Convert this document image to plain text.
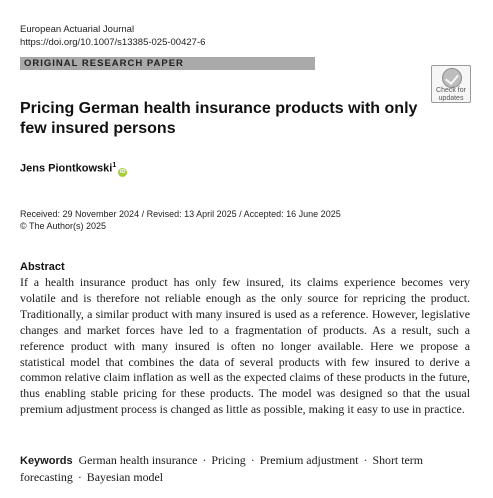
European Actuarial Journal
https://doi.org/10.1007/s13385-025-00427-6
ORIGINAL RESEARCH PAPER
Check for
updates
Pricing German health insurance products with only few insured persons
Jens Piontkowski$^1$iD
Received: 29 November 2024 / Revised: 13 April 2025 / Accepted: 16 June 2025
© The Author(s) 2025
Abstract
If a health insurance product has only few insured, its claims experience becomes very volatile and is therefore not reliable enough as the only source for repricing the product. Traditionally, a similar product with many insured is used as a reference. However, legislative changes and market forces have led to a fragmentation of products. As a result, such a reference product with many insured is often no longer available. Here we propose a statistical model that combines the data of several products with few insured to derive a common relative claim inflation as well as the expected claims of these products in the future, thus enabling stable pricing for these products. The model was designed so that the usual premium adjustment process is changed as little as possible, making it easy to use in practice.
Keywords German health insurance · Pricing · Premium adjustment · Short term forecasting · Bayesian model
